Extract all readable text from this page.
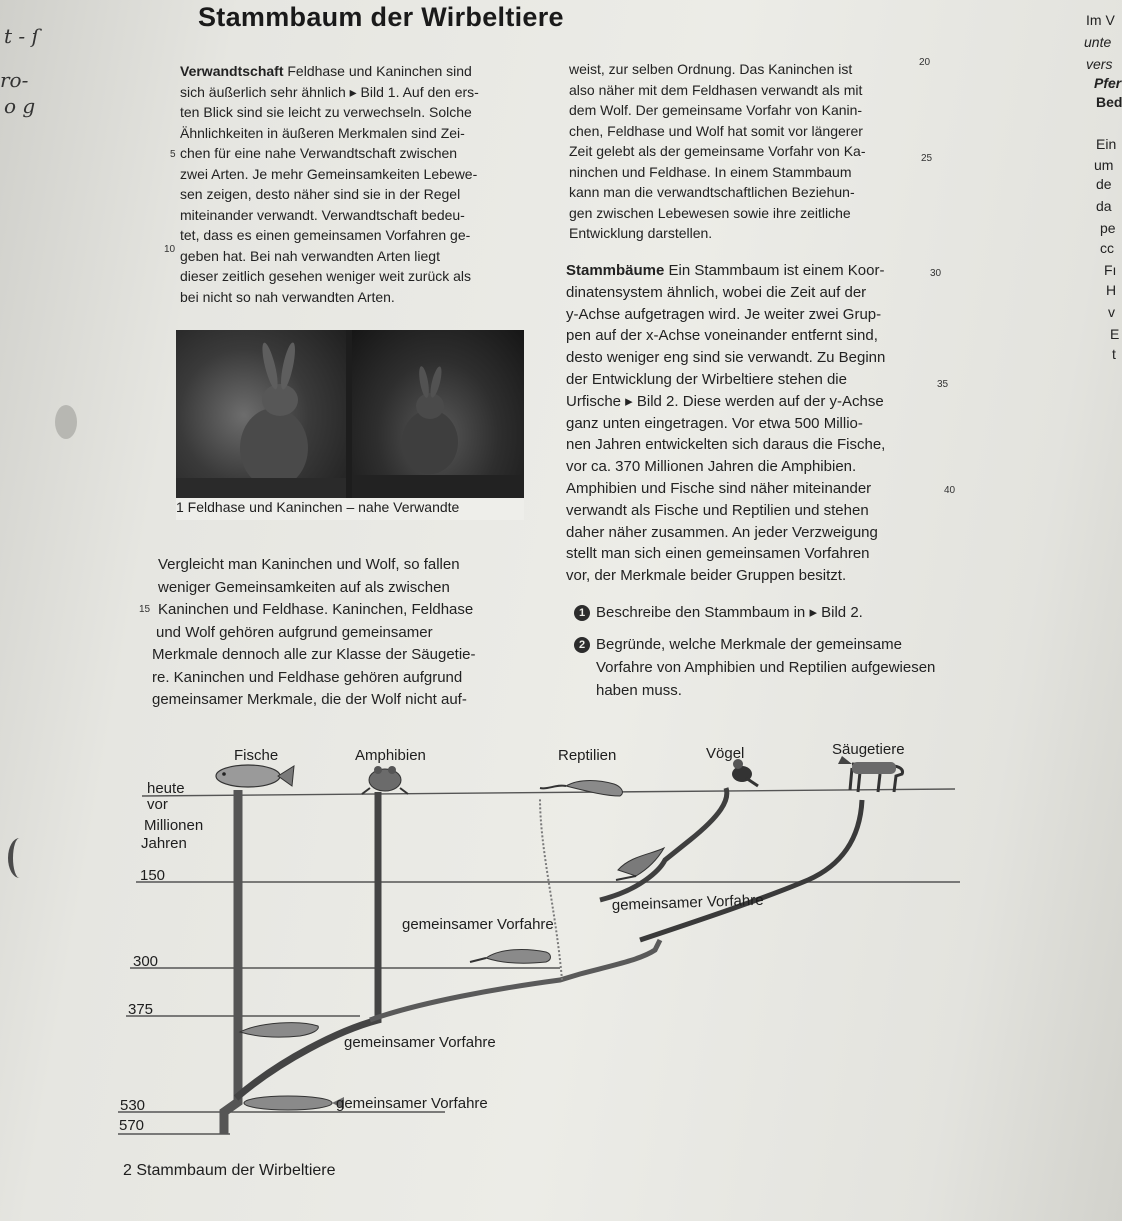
t - ſ
ro-
o g
Stammbaum der Wirbeltiere
Verwandtschaft Feldhase und Kaninchen sind
sich äußerlich sehr ähnlich ▸ Bild 1. Auf den ers-
ten Blick sind sie leicht zu verwechseln. Solche
Ähnlichkeiten in äußeren Merkmalen sind Zei-
chen für eine nahe Verwandtschaft zwischen
zwei Arten. Je mehr Gemeinsamkeiten Lebewe-
sen zeigen, desto näher sind sie in der Regel
miteinander verwandt. Verwandtschaft bedeu-
tet, dass es einen gemeinsamen Vorfahren ge-
geben hat. Bei nah verwandten Arten liegt
dieser zeitlich gesehen weniger weit zurück als
bei nicht so nah verwandten Arten.
5
10
1 Feldhase und Kaninchen – nahe Verwandte
Vergleicht man Kaninchen und Wolf, so fallen
weniger Gemeinsamkeiten auf als zwischen
Kaninchen und Feldhase. Kaninchen, Feldhase
und Wolf gehören aufgrund gemeinsamer
Merkmale dennoch alle zur Klasse der Säugetie-
re. Kaninchen und Feldhase gehören aufgrund
gemeinsamer Merkmale, die der Wolf nicht auf-
15
weist, zur selben Ordnung. Das Kaninchen ist
also näher mit dem Feldhasen verwandt als mit
dem Wolf. Der gemeinsame Vorfahr von Kanin-
chen, Feldhase und Wolf hat somit vor längerer
Zeit gelebt als der gemeinsame Vorfahr von Ka-
ninchen und Feldhase. In einem Stammbaum
kann man die verwandtschaftlichen Beziehun-
gen zwischen Lebewesen sowie ihre zeitliche
Entwicklung darstellen.
20
25
Stammbäume Ein Stammbaum ist einem Koor-
dinatensystem ähnlich, wobei die Zeit auf der
y-Achse aufgetragen wird. Je weiter zwei Grup-
pen auf der x-Achse voneinander entfernt sind,
desto weniger eng sind sie verwandt. Zu Beginn
der Entwicklung der Wirbeltiere stehen die
Urfische ▸ Bild 2. Diese werden auf der y-Achse
ganz unten eingetragen. Vor etwa 500 Millio-
nen Jahren entwickelten sich daraus die Fische,
vor ca. 370 Millionen Jahren die Amphibien.
Amphibien und Fische sind näher miteinander
verwandt als Fische und Reptilien und stehen
daher näher zusammen. An jeder Verzweigung
stellt man sich einen gemeinsamen Vorfahren
vor, der Merkmale beider Gruppen besitzt.
30
35
40
1 Beschreibe den Stammbaum in ▸ Bild 2.
2 Begründe, welche Merkmale der gemeinsame
Vorfahre von Amphibien und Reptilien aufgewiesen
haben muss.
Im V
unte
vers
Pfer
Bed
Ein
um
de
da
pe
cc
Fı
H
v
E
t
Fische	Amphibien	Reptilien	Vögel	Säugetiere
heute
vor
Millionen
Jahren
150
300
375
530
570
gemeinsamer Vorfahre
gemeinsamer Vorfahre
gemeinsamer Vorfahre
gemeinsamer Vorfahre
2 Stammbaum der Wirbeltiere
